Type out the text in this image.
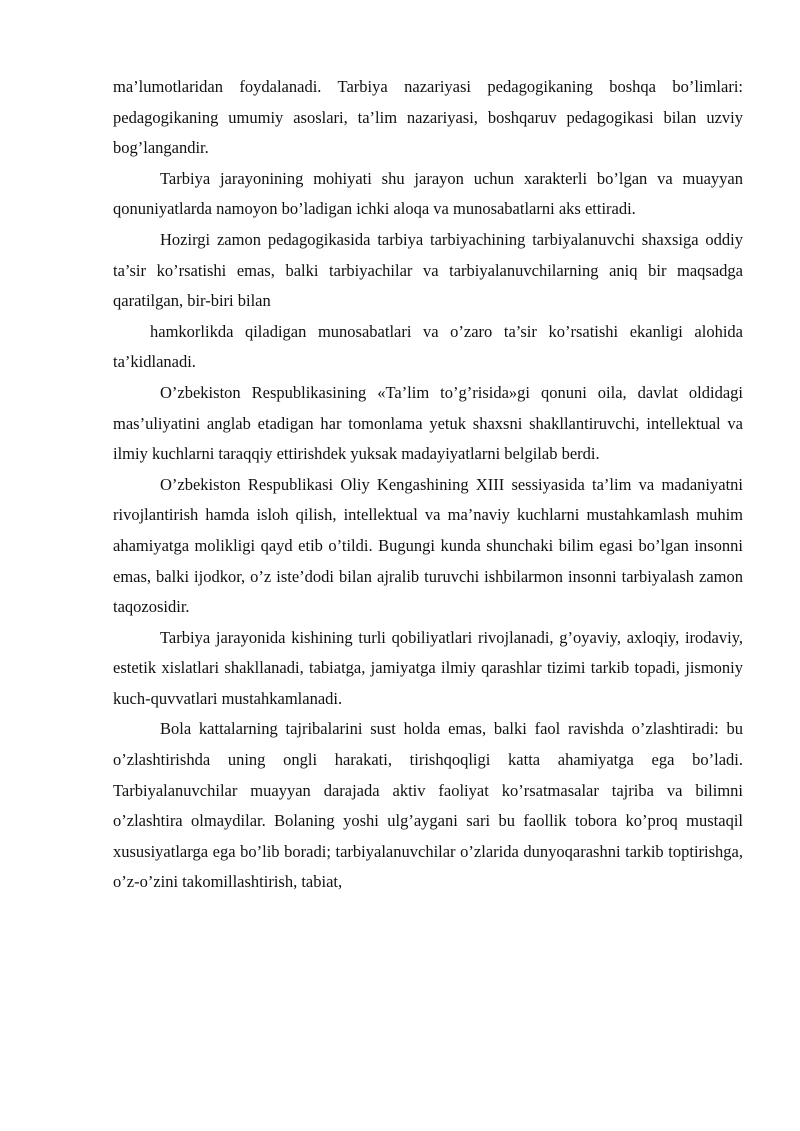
ma’lumotlaridan foydalanadi. Tarbiya nazariyasi pedagogikaning boshqa bo’limlari: pedagogikaning umumiy asoslari, ta’lim nazariyasi, boshqaruv pedagogikasi bilan uzviy bog’langandir.

Tarbiya jarayonining mohiyati shu jarayon uchun xarakterli bo’lgan va muayyan qonuniyatlarda namoyon bo’ladigan ichki aloqa va munosabatlarni aks ettiradi.

Hozirgi zamon pedagogikasida tarbiya tarbiyachining tarbiyalanuvchi shaxsiga oddiy ta’sir ko’rsatishi emas, balki tarbiyachilar va tarbiyalanuvchilarning aniq bir maqsadga qaratilgan, bir-biri bilan

hamkorlikda qiladigan munosabatlari va o’zaro ta’sir ko’rsatishi ekanligi alohida ta’kidlanadi.

O’zbekiston Respublikasining «Ta’lim to’g’risida»gi qonuni oila, davlat oldidagi mas’uliyatini anglab etadigan har tomonlama yetuk shaxsni shakllantiruvchi, intellektual va ilmiy kuchlarni taraqqiy ettirishdek yuksak madayiyatlarni belgilab berdi.

O’zbekiston Respublikasi Oliy Kengashining XIII sessiyasida ta’lim va madaniyatni rivojlantirish hamda isloh qilish, intellektual va ma’naviy kuchlarni mustahkamlash muhim ahamiyatga molikligi qayd etib o’tildi. Bugungi kunda shunchaki bilim egasi bo’lgan insonni emas, balki ijodkor, o’z iste’dodi bilan ajralib turuvchi ishbilarmon insonni tarbiyalash zamon taqozosidir.

Tarbiya jarayonida kishining turli qobiliyatlari rivojlanadi, g’oyaviy, axloqiy, irodaviy, estetik xislatlari shakllanadi, tabiatga, jamiyatga ilmiy qarashlar tizimi tarkib topadi, jismoniy kuch-quvvatlari mustahkamlanadi.

Bola kattalarning tajribalarini sust holda emas, balki faol ravishda o’zlashtiradi: bu o’zlashtirishda uning ongli harakati, tirishqoqligi katta ahamiyatga ega bo’ladi. Tarbiyalanuvchilar muayyan darajada aktiv faoliyat ko’rsatmasalar tajriba va bilimni o’zlashtira olmaydilar. Bolaning yoshi ulg’aygani sari bu faollik tobora ko’proq mustaqil xususiyatlarga ega bo’lib boradi; tarbiyalanuvchilar o’zlarida dunyoqarashni tarkib toptirishga, o’z-o’zini takomillashtirish, tabiat,
